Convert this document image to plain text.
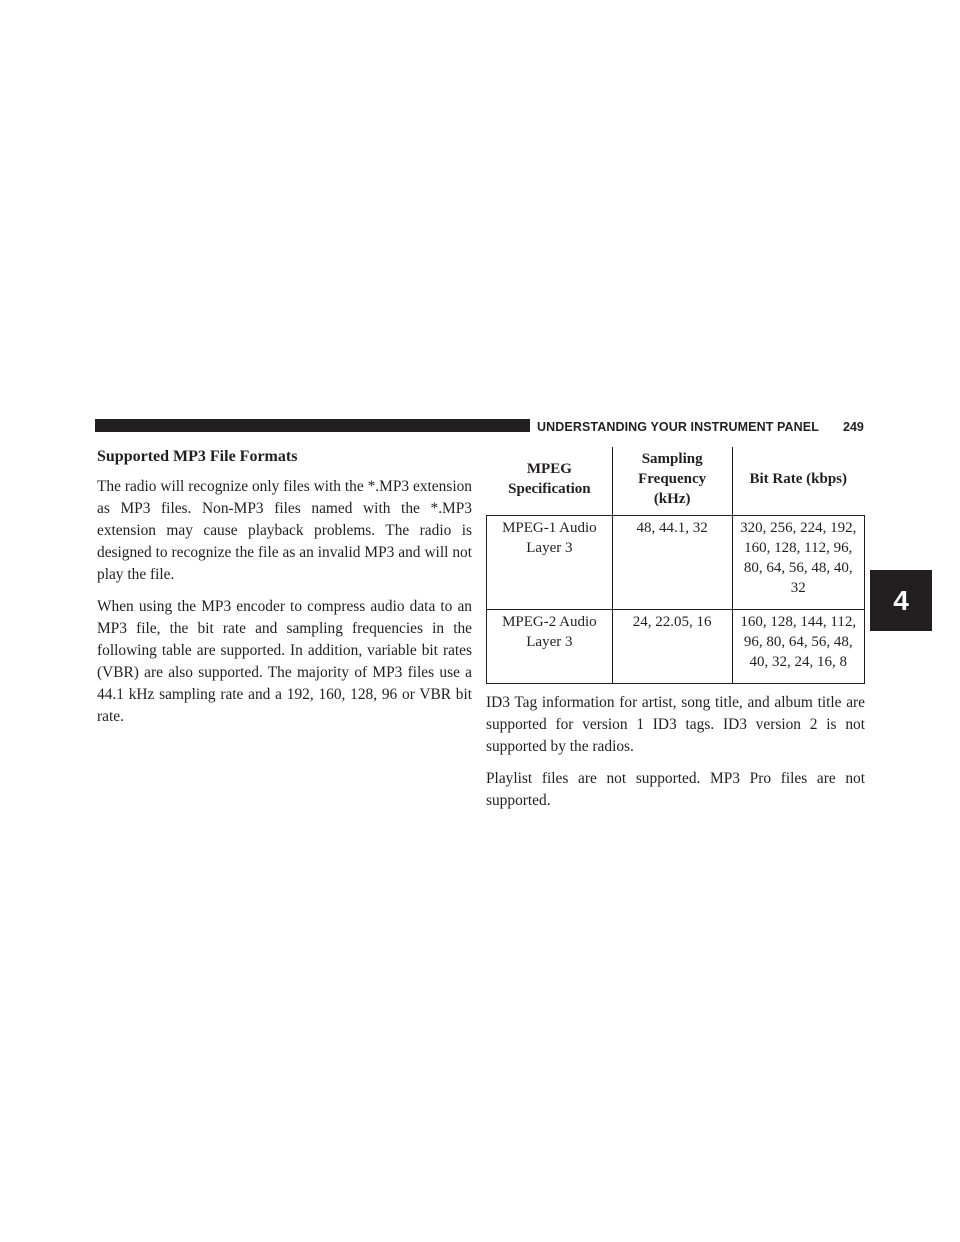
UNDERSTANDING YOUR INSTRUMENT PANEL 249
Supported MP3 File Formats

The radio will recognize only files with the *.MP3 extension as MP3 files. Non-MP3 files named with the *.MP3 extension may cause playback problems. The radio is designed to recognize the file as an invalid MP3 and will not play the file.

When using the MP3 encoder to compress audio data to an MP3 file, the bit rate and sampling frequencies in the following table are supported. In addition, variable bit rates (VBR) are also supported. The majority of MP3 files use a 44.1 kHz sampling rate and a 192, 160, 128, 96 or VBR bit rate.

MPEG Specification	Sampling Frequency (kHz)	Bit Rate (kbps)
MPEG-1 Audio Layer 3	48, 44.1, 32	320, 256, 224, 192, 160, 128, 112, 96, 80, 64, 56, 48, 40, 32
MPEG-2 Audio Layer 3	24, 22.05, 16	160, 128, 144, 112, 96, 80, 64, 56, 48, 40, 32, 24, 16, 8

ID3 Tag information for artist, song title, and album title are supported for version 1 ID3 tags. ID3 version 2 is not supported by the radios.

Playlist files are not supported. MP3 Pro files are not supported.

4
